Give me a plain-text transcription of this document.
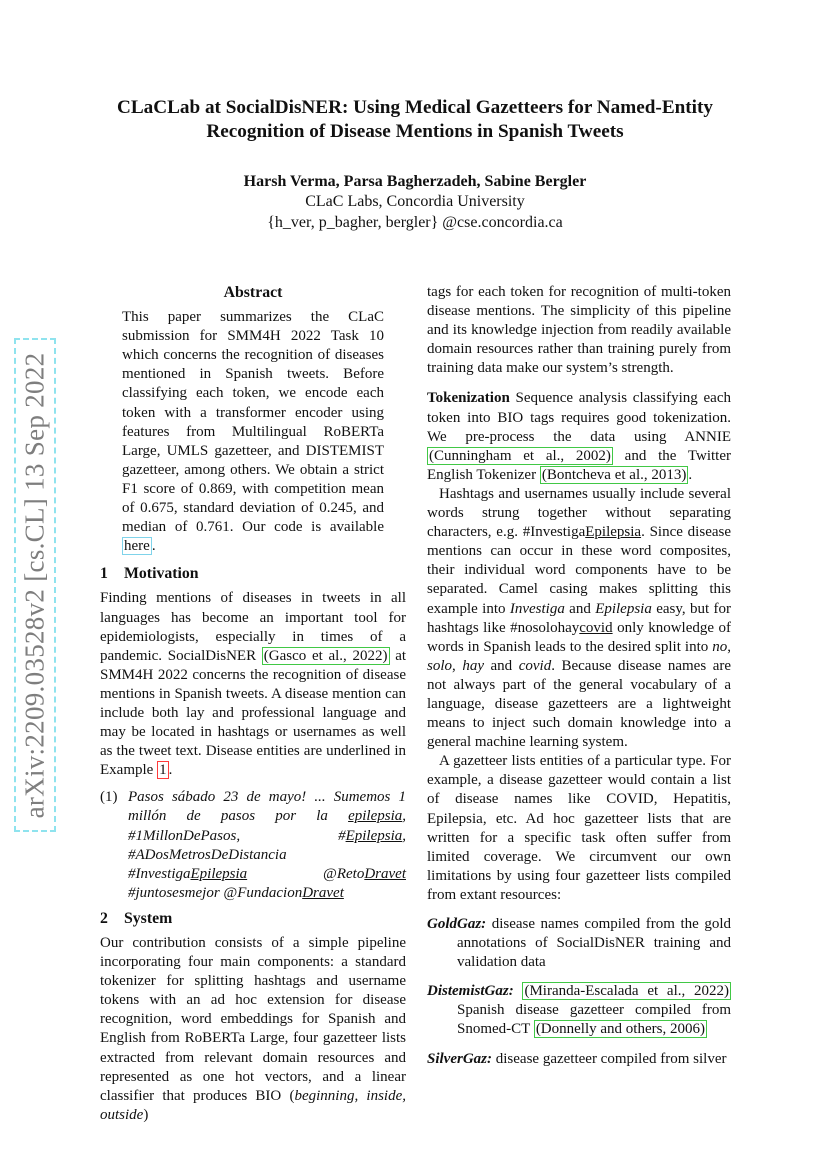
arXiv:2209.03528v2 [cs.CL] 13 Sep 2022
CLaCLab at SocialDisNER: Using Medical Gazetteers for Named-Entity
Recognition of Disease Mentions in Spanish Tweets
Harsh Verma, Parsa Bagherzadeh, Sabine Bergler
CLaC Labs, Concordia University
{h_ver, p_bagher, bergler} @cse.concordia.ca
Abstract

This paper summarizes the CLaC submission for SMM4H 2022 Task 10 which concerns the recognition of diseases mentioned in Spanish tweets. Before classifying each token, we encode each token with a transformer encoder using features from Multilingual RoBERTa Large, UMLS gazetteer, and DISTEMIST gazetteer, among others. We obtain a strict F1 score of 0.869, with competition mean of 0.675, standard deviation of 0.245, and median of 0.761. Our code is available here .

1 Motivation

Finding mentions of diseases in tweets in all languages has become an important tool for epidemiologists, especially in times of a pandemic. SocialDisNER (Gasco et al., 2022) at SMM4H 2022 concerns the recognition of disease mentions in Spanish tweets. A disease mention can include both lay and professional language and may be located in hashtags or usernames as well as the tweet text. Disease entities are underlined in Example 1 .

(1) Pasos sábado 23 de mayo! ... Sumemos 1 millón de pasos por la epilepsia, #1MillonDePasos, #Epilepsia, #ADosMetrosDeDistancia #InvestigaEpilepsia @RetoDravet #juntosesmejor @FundacionDravet
2 System

Our contribution consists of a simple pipeline incorporating four main components: a standard tokenizer for splitting hashtags and username tokens with an ad hoc extension for disease recognition, word embeddings for Spanish and English from RoBERTa Large, four gazetteer lists extracted from relevant domain resources and represented as one hot vectors, and a linear classifier that produces BIO (beginning, inside, outside)

tags for each token for recognition of multi-token disease mentions. The simplicity of this pipeline and its knowledge injection from readily available domain resources rather than training purely from training data make our system’s strength.

Tokenization Sequence analysis classifying each token into BIO tags requires good tokenization. We pre-process the data using ANNIE (Cunningham et al., 2002) and the Twitter English Tokenizer (Bontcheva et al., 2013) .

Hashtags and usernames usually include several words strung together without separating characters, e.g. #InvestigaEpilepsia. Since disease mentions can occur in these word composites, their individual word components have to be separated. Camel casing makes splitting this example into Investiga and Epilepsia easy, but for hashtags like #nosolohaycovid only knowledge of words in Spanish leads to the desired split into no, solo, hay and covid. Because disease names are not always part of the general vocabulary of a language, disease gazetteers are a lightweight means to inject such domain knowledge into a general machine learning system.

A gazetteer lists entities of a particular type. For example, a disease gazetteer would contain a list of disease names like COVID, Hepatitis, Epilepsia, etc. Ad hoc gazetteer lists that are written for a specific task often suffer from limited coverage. We circumvent our own limitations by using four gazetteer lists compiled from extant resources:

GoldGaz: disease names compiled from the gold annotations of SocialDisNER training and validation data
DistemistGaz: (Miranda-Escalada et al., 2022) Spanish disease gazetteer compiled from Snomed-CT (Donnelly and others, 2006)
SilverGaz: disease gazetteer compiled from silver
